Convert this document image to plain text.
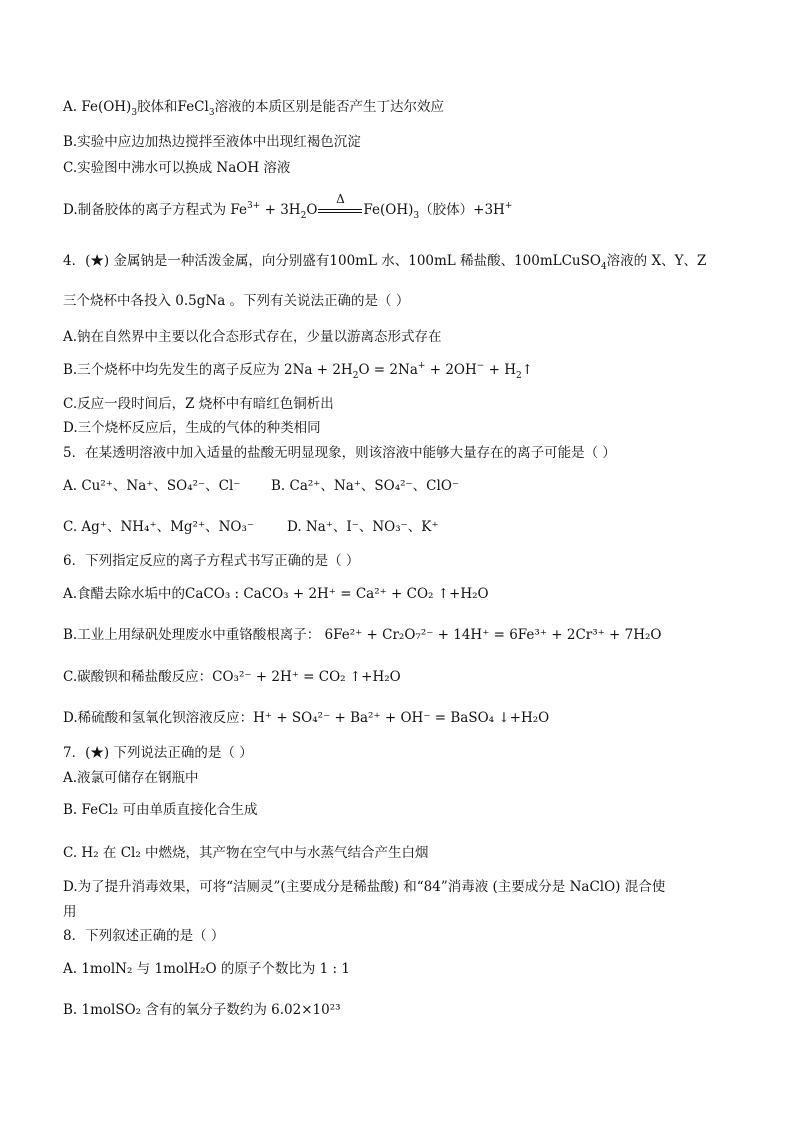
A. $Fe(OH)_3$胶体和FeCl$_3$溶液的本质区别是能否产生丁达尔效应
B.实验中应边加热边搅拌至液体中出现红褐色沉淀
C.实验图中沸水可以换成 NaOH 溶液
D.制备胶体的离子方程式为 $Fe^{3+} + 3H_2O$
Δ
$Fe(OH)_3$（胶体）+3H+
4．(★) 金属钠是一种活泼金属，向分别盛有100mL 水、100mL 稀盐酸、100mLCuSO$_4$溶液的 X、Y、Z
三个烧杯中各投入 0.5gNa 。下列有关说法正确的是（ ）
A.钠在自然界中主要以化合态形式存在，少量以游离态形式存在
B.三个烧杯中均先发生的离子反应为 $2Na + 2H_2O = 2Na^+ + 2OH^-$ + $H_2↑$
C.反应一段时间后，Z 烧杯中有暗红色铜析出
D.三个烧杯反应后，生成的气体的种类相同
5．在某透明溶液中加入适量的盐酸无明显现象，则该溶液中能够大量存在的离子可能是（ ）
A. Cu²⁺、Na⁺、SO₄²⁻、Cl⁻ B. Ca²⁺、Na⁺、SO₄²⁻、ClO⁻
C. Ag⁺、NH₄⁺、Mg²⁺、NO₃⁻ D. Na⁺、I⁻、NO₃⁻、K⁺
6．下列指定反应的离子方程式书写正确的是（ ）
A.食醋去除水垢中的CaCO₃ : CaCO₃ + 2H⁺ = Ca²⁺ + CO₂ ↑+H₂O
B.工业上用绿矾处理废水中重铬酸根离子： 6Fe²⁺ + Cr₂O₇²⁻ + 14H⁺ = 6Fe³⁺ + 2Cr³⁺ + 7H₂O
C.碳酸钡和稀盐酸反应：CO₃²⁻ + 2H⁺ = CO₂ ↑+H₂O
D.稀硫酸和氢氧化钡溶液反应：H⁺ + SO₄²⁻ + Ba²⁺ + OH⁻ = BaSO₄ ↓+H₂O
7．(★) 下列说法正确的是（ ）
A.液氯可储存在钢瓶中
B. FeCl₂ 可由单质直接化合生成
C. H₂ 在 Cl₂ 中燃烧，其产物在空气中与水蒸气结合产生白烟
D.为了提升消毒效果，可将“洁厕灵”(主要成分是稀盐酸) 和“84”消毒液 (主要成分是 NaClO) 混合使
用
8．下列叙述正确的是（ ）
A. 1molN₂ 与 1molH₂O 的原子个数比为 1 : 1
B. 1molSO₂ 含有的氧分子数约为 6.02×10²³
